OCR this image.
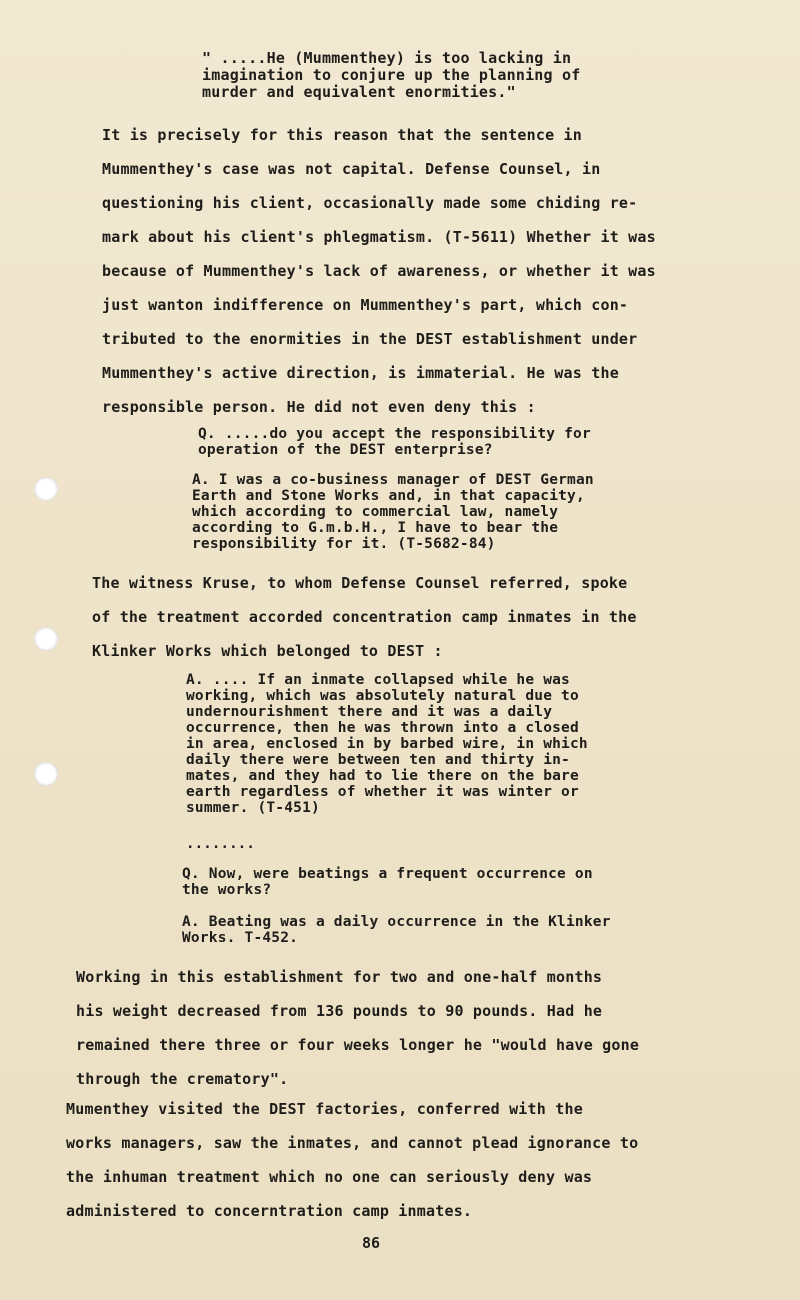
" .....He (Mummenthey) is too lacking in
imagination to conjure up the planning of
murder and equivalent enormities."

It is precisely for this reason that the sentence in
Mummenthey's case was not capital. Defense Counsel, in
questioning his client, occasionally made some chiding re-
mark about his client's phlegmatism. (T-5611) Whether it was
because of Mummenthey's lack of awareness, or whether it was
just wanton indifference on Mummenthey's part, which con-
tributed to the enormities in the DEST establishment under
Mummenthey's active direction, is immaterial. He was the
responsible person. He did not even deny this :

Q. .....do you accept the responsibility for
operation of the DEST enterprise?

A. I was a co-business manager of DEST German
Earth and Stone Works and, in that capacity,
which according to commercial law, namely
according to G.m.b.H., I have to bear the
responsibility for it. (T-5682-84)

The witness Kruse, to whom Defense Counsel referred, spoke
of the treatment accorded concentration camp inmates in the
Klinker Works which belonged to DEST :

A. .... If an inmate collapsed while he was
working, which was absolutely natural due to
undernourishment there and it was a daily
occurrence, then he was thrown into a closed
in area, enclosed in by barbed wire, in which
daily there were between ten and thirty in-
mates, and they had to lie there on the bare
earth regardless of whether it was winter or
summer. (T-451)

........

Q. Now, were beatings a frequent occurrence on
the works?

A. Beating was a daily occurrence in the Klinker
Works. T-452.

Working in this establishment for two and one-half months
his weight decreased from 136 pounds to 90 pounds. Had he
remained there three or four weeks longer he "would have gone
through the crematory".

Mumenthey visited the DEST factories, conferred with the
works managers, saw the inmates, and cannot plead ignorance to
the inhuman treatment which no one can seriously deny was
administered to concerntration camp inmates.

86
